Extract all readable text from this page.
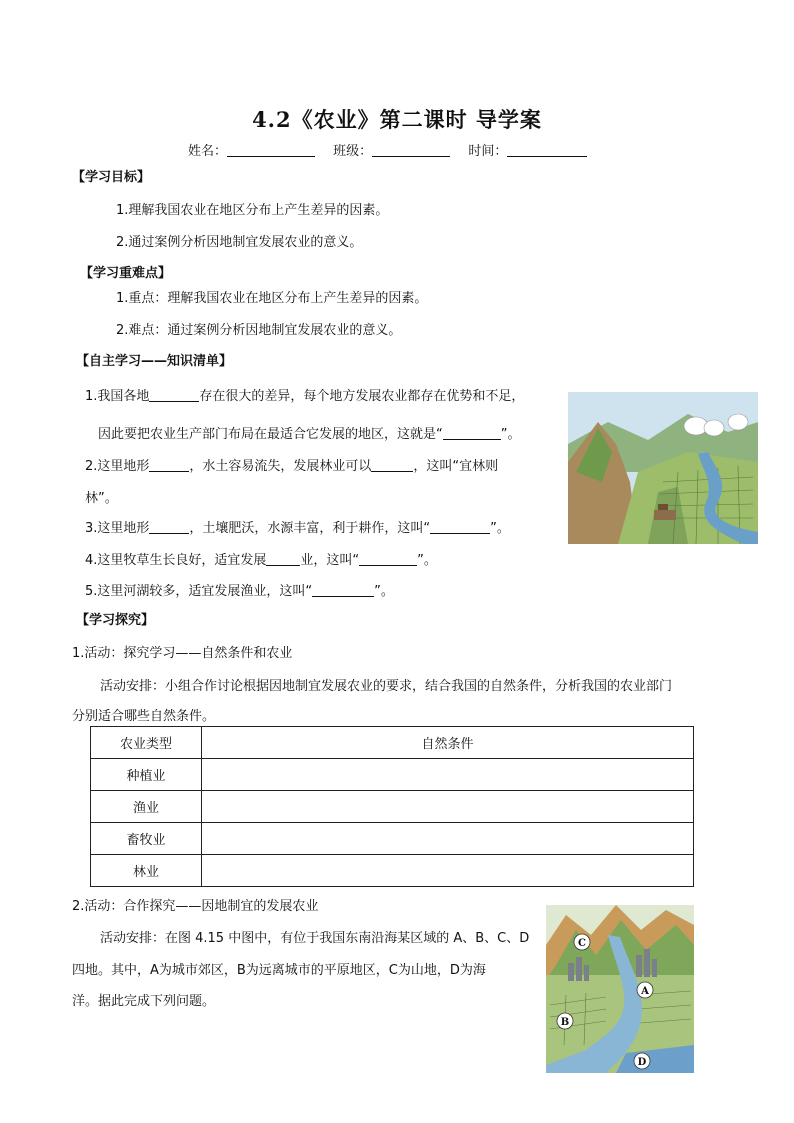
4.2《农业》第二课时 导学案
姓名：	班级：	时间：
【学习目标】
1.理解我国农业在地区分布上产生差异的因素。
2.通过案例分析因地制宜发展农业的意义。
【学习重难点】
1.重点：理解我国农业在地区分布上产生差异的因素。
2.难点：通过案例分析因地制宜发展农业的意义。
【自主学习——知识清单】
1.我国各地	存在很大的差异，每个地方发展农业都存在优势和不足，
因此要把农业生产部门布局在最适合它发展的地区，这就是“	”。
2.这里地形	，水土容易流失，发展林业可以	，这叫“宜林则
林”。
3.这里地形	，土壤肥沃，水源丰富，利于耕作，这叫“	”。
4.这里牧草生长良好，适宜发展	业，这叫“	”。
5.这里河湖较多，适宜发展渔业，这叫“	”。
【学习探究】
1.活动：探究学习——自然条件和农业
活动安排：小组合作讨论根据因地制宜发展农业的要求，结合我国的自然条件，分析我国的农业部门
分别适合哪些自然条件。
农业类型	自然条件
种植业	
渔业	
畜牧业	
林业	
2.活动：合作探究——因地制宜的发展农业
活动安排：在图 4.15 中图中，有位于我国东南沿海某区域的 A、B、C、D
四地。其中，A为城市郊区，B为远离城市的平原地区，C为山地，D为海
洋。据此完成下列问题。
A
B
C
D
